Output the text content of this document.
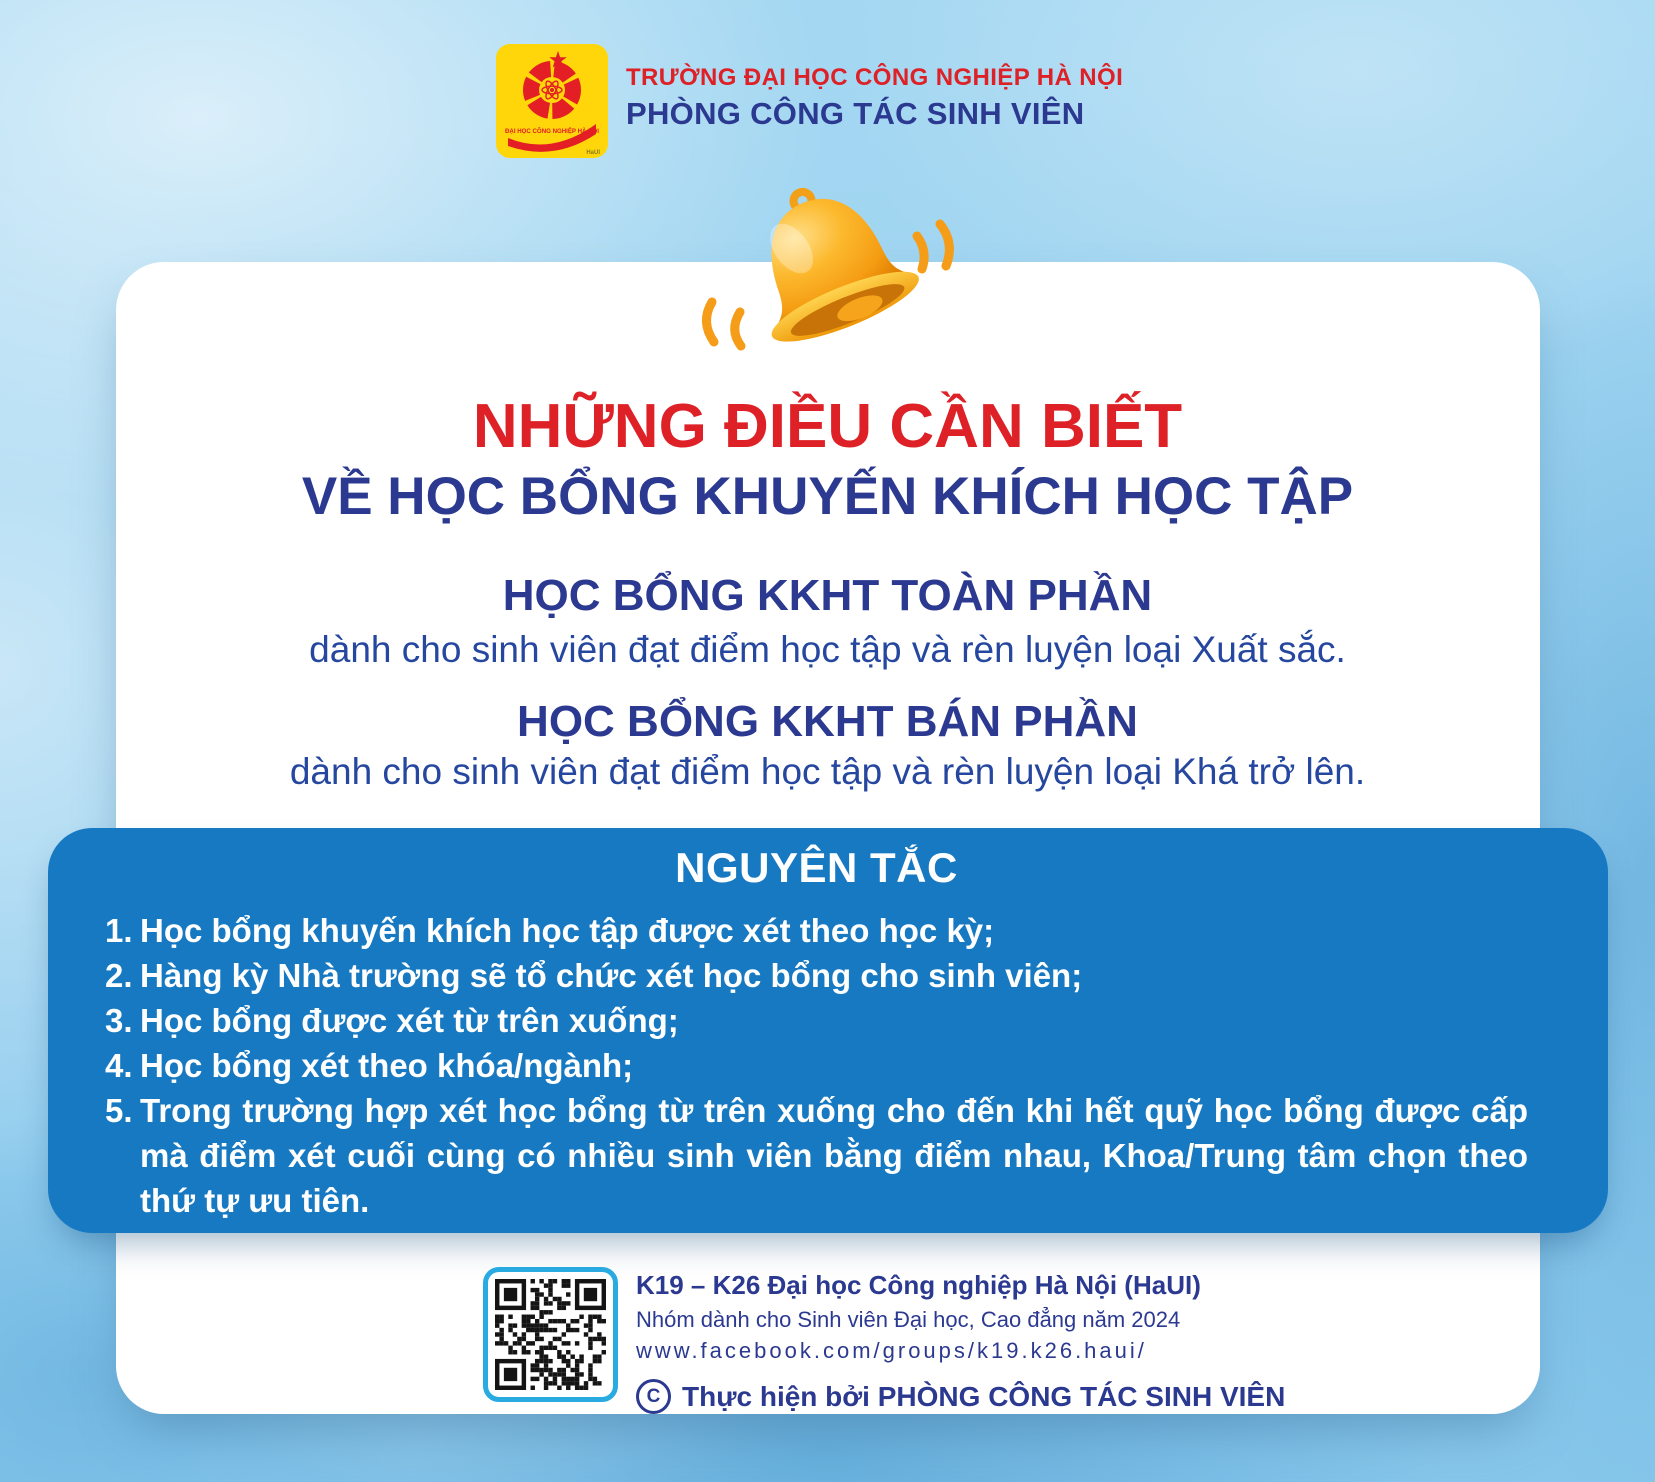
ĐẠI HỌC CÔNG NGHIỆP HÀ NỘI
HaUI
TRƯỜNG ĐẠI HỌC CÔNG NGHIỆP HÀ NỘI
PHÒNG CÔNG TÁC SINH VIÊN
NHỮNG ĐIỀU CẦN BIẾT
VỀ HỌC BỔNG KHUYẾN KHÍCH HỌC TẬP
HỌC BỔNG KKHT TOÀN PHẦN
dành cho sinh viên đạt điểm học tập và rèn luyện loại Xuất sắc.
HỌC BỔNG KKHT BÁN PHẦN
dành cho sinh viên đạt điểm học tập và rèn luyện loại Khá trở lên.
NGUYÊN TẮC
1. Học bổng khuyến khích học tập được xét theo học kỳ;
2. Hàng kỳ Nhà trường sẽ tổ chức xét học bổng cho sinh viên;
3. Học bổng được xét từ trên xuống;
4. Học bổng xét theo khóa/ngành;
5. Trong trường hợp xét học bổng từ trên xuống cho đến khi hết quỹ học bổng được cấp mà điểm xét cuối cùng có nhiều sinh viên bằng điểm nhau, Khoa/Trung tâm chọn theo thứ tự ưu tiên.
K19 – K26 Đại học Công nghiệp Hà Nội (HaUI)
Nhóm dành cho Sinh viên Đại học, Cao đẳng năm 2024
www.facebook.com/groups/k19.k26.haui/
C Thực hiện bởi PHÒNG CÔNG TÁC SINH VIÊN
